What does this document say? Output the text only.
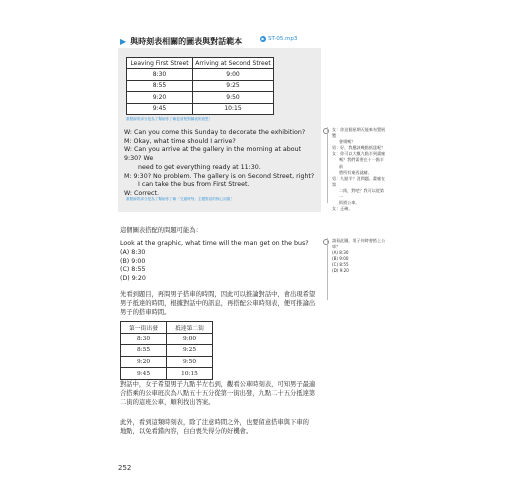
▶ 與時刻表相關的圖表與對話範本	▶ ST-05.mp3
Leaving First Street	Arriving at Second Street
8:30	9:00
8:55	9:25
9:20	9:50
9:45	10:15
重點線的部分是為了幫助你了解更清楚對圖表的意思！

W: Can you come this Sunday to decorate the exhibition?

M: Okay, what time should I arrive?

W: Can you arrive at the gallery in the morning at about 9:30? We

need to get everything ready at 11:30.

M: 9:30? No problem. The gallery is on Second Street, right?

I can take the bus from First Street.

W: Correct.

重點線的部分是為了幫助你了解「交通時刻」主題對話的核心詞彙！

女：你這個星期天能來布置展覽

會場嗎？

男：好，我應該幾點抵達呢？

女：你可以大概九點半到畫廊

嗎？我們需要在十一點半前

將所有東西就緒。

男：九點半？沒問題。畫廊在第

二街，對吧？我可以從第一

街搭公車。

女：正確。

這個圖表搭配的問題可能為：

Look at the graphic, what time will the man get on the bus?

(A) 8:30

(B) 9:00

(C) 8:55

(D) 9:20

請看此圖，男子何時會搭上公

車？

(A) 8:30

(B) 9:00

(C) 8:55

(D) 9:20

先看到題目，再問男子搭車的時間，因此可以推論對話中，會出現希望
男子抵達的時間，根據對話中的訊息，再搭配公車時刻表，便可推論出
男子的搭車時間。
第一街出發	抵達第二街
8:30	9:00
8:55	9:25
9:20	9:50
9:45	10:15
對話中，女子希望男子九點半左右到，觀看公車時刻表，可知男子最適
合搭乘的公車班次為八點五十五分從第一街出發，九點二十五分抵達第
二街的這班公車，順利找出答案。
此外，看到這類時刻表，除了注意時間之外，也要留意搭車與下車的
地點，以免看錯內容，白白喪失得分的好機會。
252
